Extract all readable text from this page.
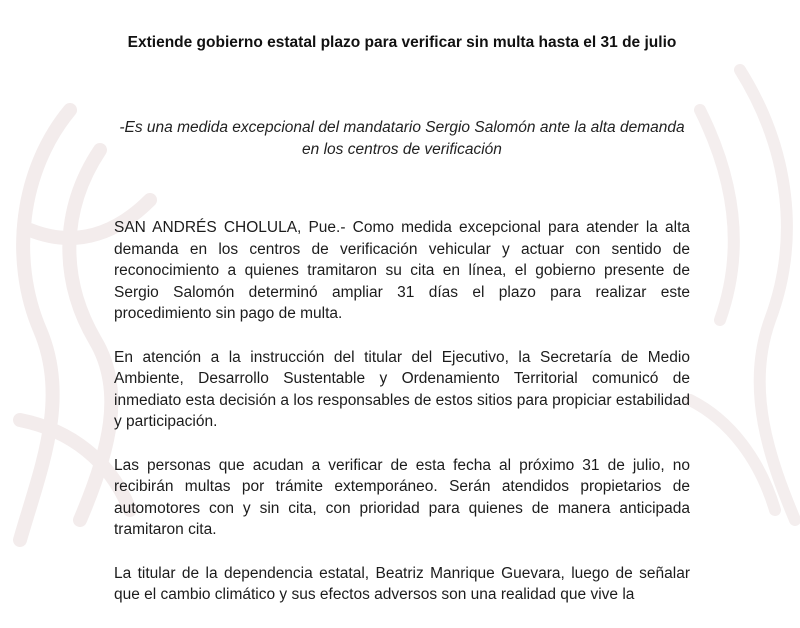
Extiende gobierno estatal plazo para verificar sin multa hasta el 31 de julio
-Es una medida excepcional del mandatario Sergio Salomón ante la alta demanda en los centros de verificación

SAN ANDRÉS CHOLULA, Pue.- Como medida excepcional para atender la alta demanda en los centros de verificación vehicular y actuar con sentido de reconocimiento a quienes tramitaron su cita en línea, el gobierno presente de Sergio Salomón determinó ampliar 31 días el plazo para realizar este procedimiento sin pago de multa.

En atención a la instrucción del titular del Ejecutivo, la Secretaría de Medio Ambiente, Desarrollo Sustentable y Ordenamiento Territorial comunicó de inmediato esta decisión a los responsables de estos sitios para propiciar estabilidad y participación.

Las personas que acudan a verificar de esta fecha al próximo 31 de julio, no recibirán multas por trámite extemporáneo. Serán atendidos propietarios de automotores con y sin cita, con prioridad para quienes de manera anticipada tramitaron cita.

La titular de la dependencia estatal, Beatriz Manrique Guevara, luego de señalar que el cambio climático y sus efectos adversos son una realidad que vive la
